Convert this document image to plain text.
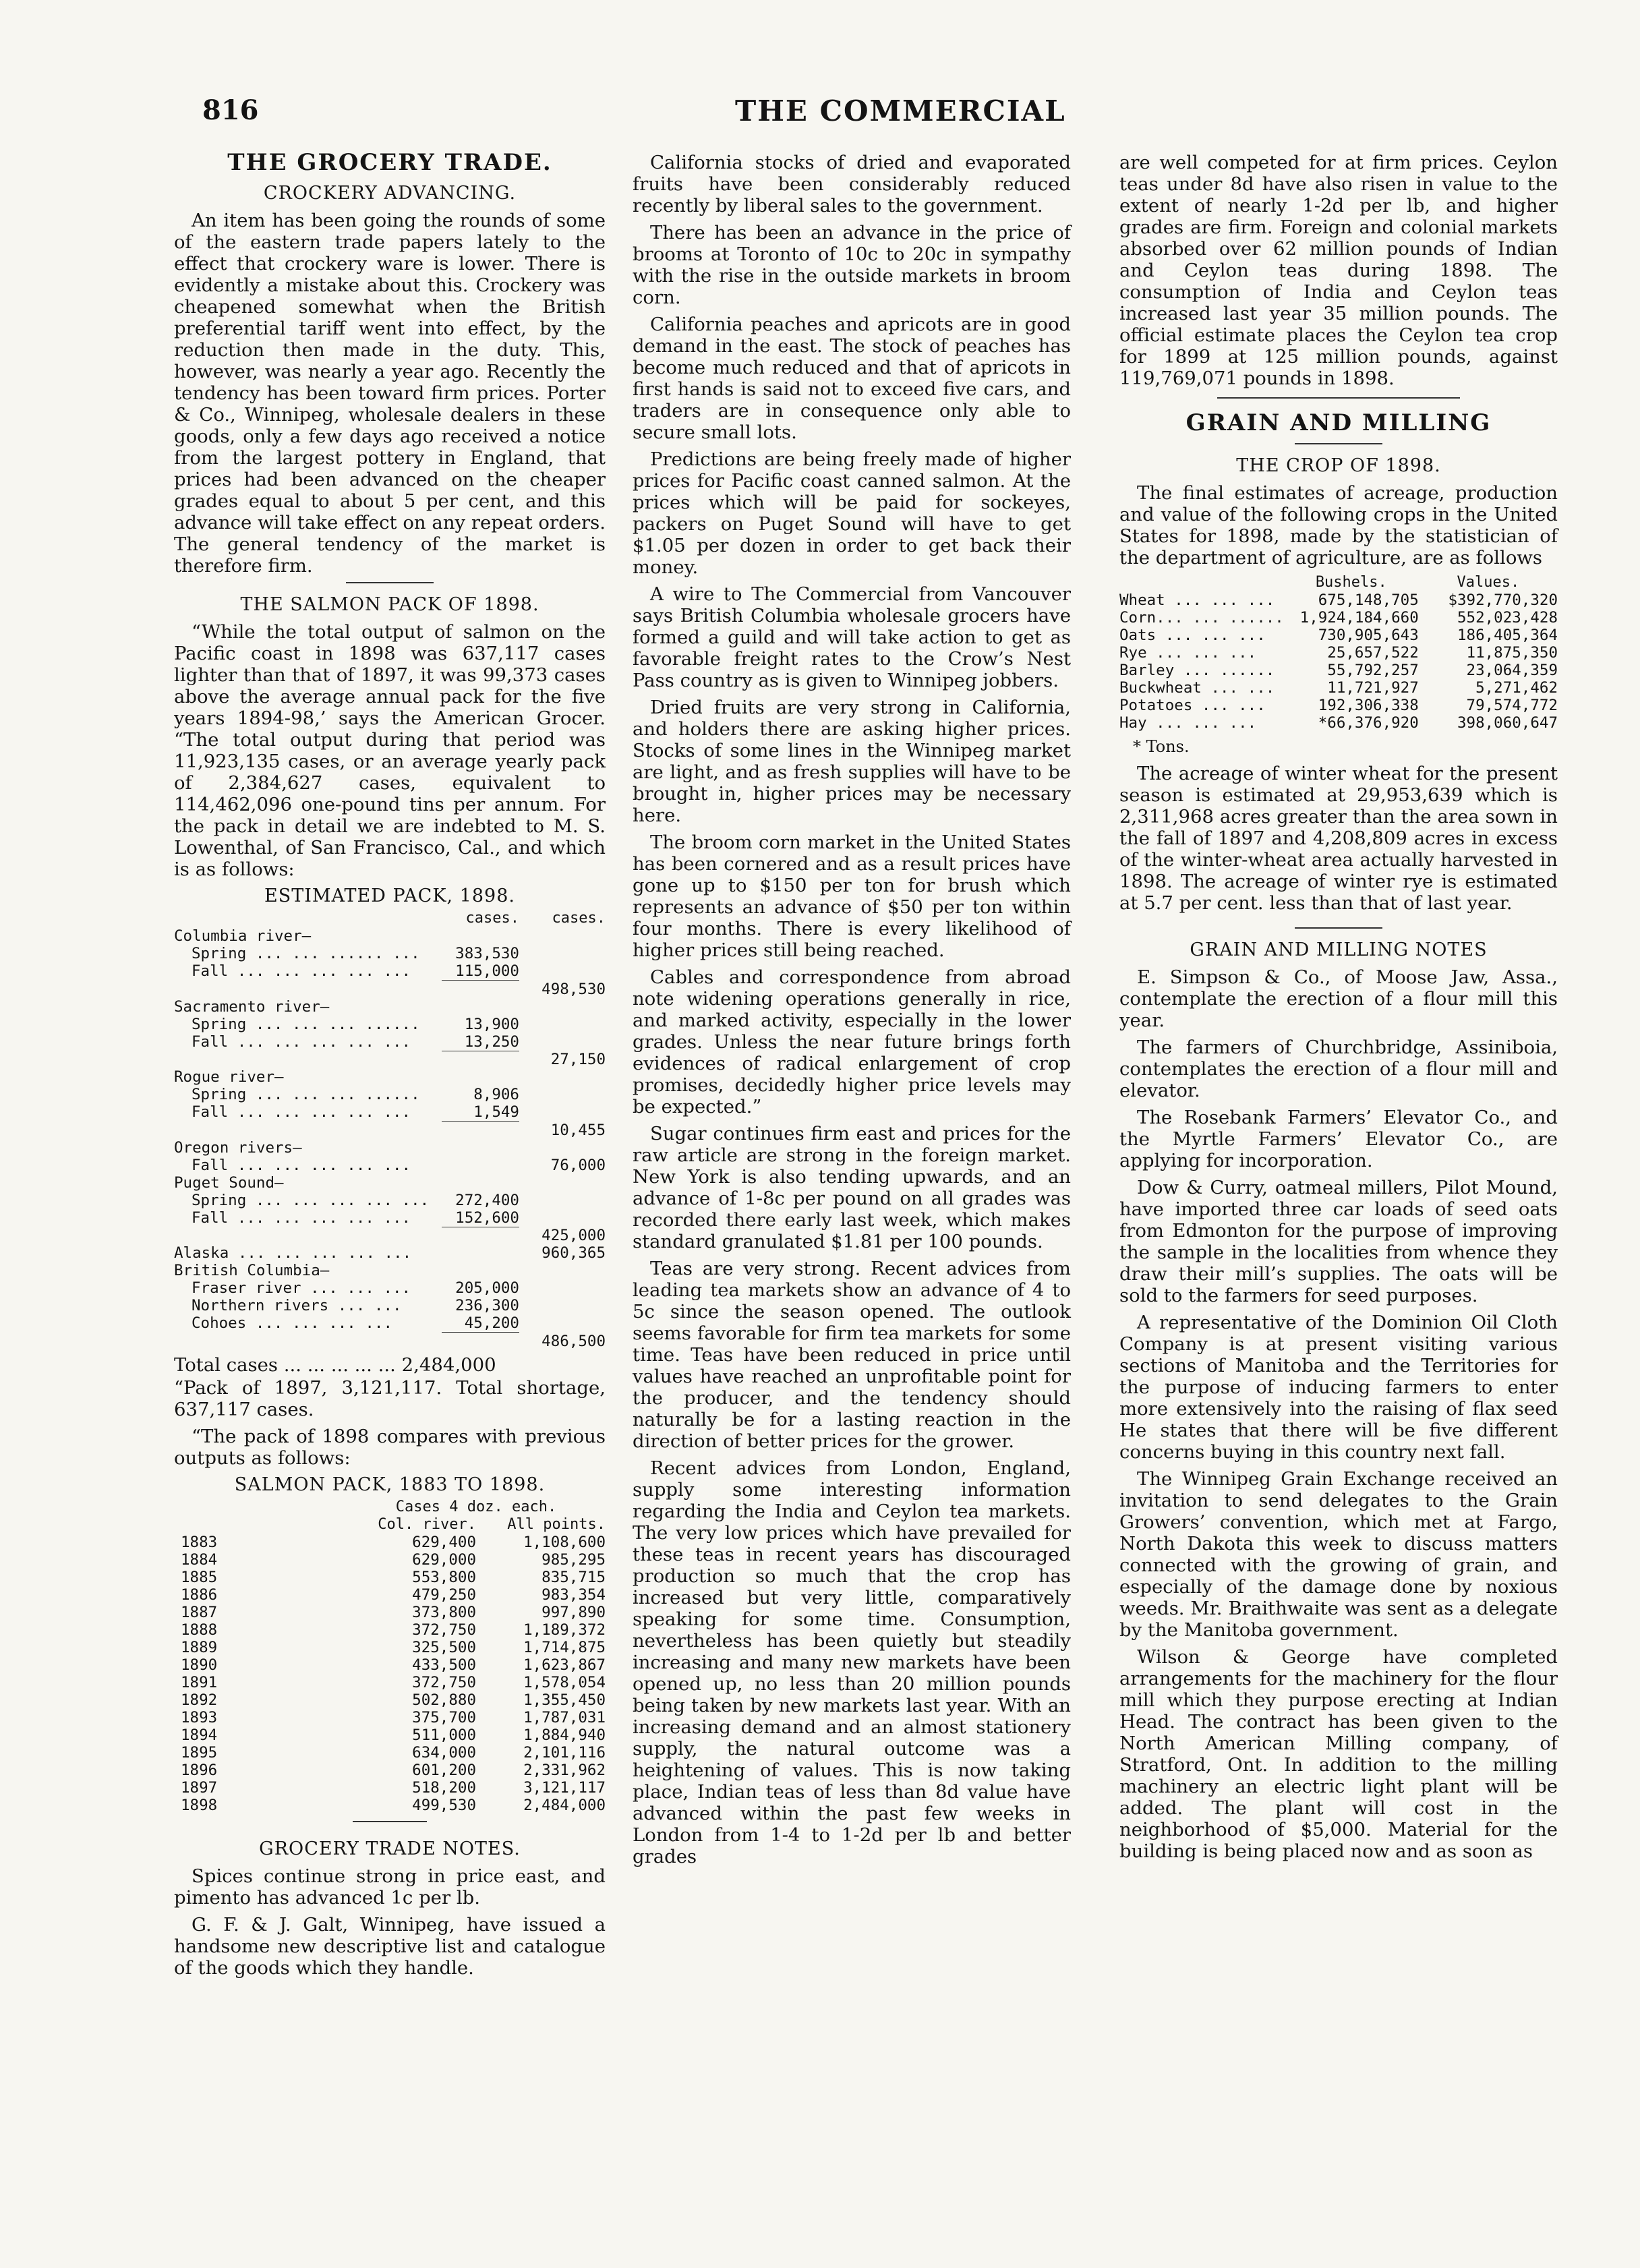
816	THE COMMERCIAL
THE GROCERY TRADE.
CROCKERY ADVANCING.

An item has been going the rounds of some of the eastern trade papers lately to the effect that crockery ware is lower. There is evidently a mistake about this. Crockery was cheapened somewhat when the British preferential tariff went into effect, by the reduction then made in the duty. This, however, was nearly a year ago. Recently the tendency has been toward firm prices. Porter & Co., Winnipeg, wholesale dealers in these goods, only a few days ago received a notice from the largest pottery in England, that prices had been advanced on the cheaper grades equal to about 5 per cent, and this advance will take effect on any repeat orders. The general tendency of the market is therefore firm.

THE SALMON PACK OF 1898.

“While the total output of salmon on the Pacific coast in 1898 was 637,117 cases lighter than that of 1897, it was 99,373 cases above the average annual pack for the five years 1894-98,’ says the American Grocer. “The total output during that period was 11,923,135 cases, or an average yearly pack of 2,384,627 cases, equivalent to 114,462,096 one-pound tins per annum. For the pack in detail we are indebted to M. S. Lowenthal, of San Francisco, Cal., and which is as follows:

ESTIMATED PACK, 1898.
	cases.	cases.
Columbia river—		
Spring ... ... ...... ...	383,530	
Fall ... ... ... ... ...	115,000	
		498,530
Sacramento river—		
Spring ... ... ... ......	13,900	
Fall ... ... ... ... ...	13,250	
		27,150
Rogue river—		
Spring ... ... ... ......	8,906	
Fall ... ... ... ... ...	1,549	
		10,455
Oregon rivers—		
Fall ... ... ... ... ...		76,000
Puget Sound—		
Spring ... ... ... ... ...	272,400	
Fall ... ... ... ... ...	152,600	
		425,000
Alaska ... ... ... ... ...		960,365
British Columbia—		
Fraser river ... ... ...	205,000	
Northern rivers ... ...	236,300	
Cohoes ... ... ... ...	45,200	
		486,500

Total cases ... ... ... ... ... 2,484,000

“Pack of 1897, 3,121,117. Total shortage, 637,117 cases.

“The pack of 1898 compares with previous outputs as follows:

SALMON PACK, 1883 TO 1898.
	Cases 4 doz. each.	
	Col. river.	All points.
1883	629,400	1,108,600
1884	629,000	985,295
1885	553,800	835,715
1886	479,250	983,354
1887	373,800	997,890
1888	372,750	1,189,372
1889	325,500	1,714,875
1890	433,500	1,623,867
1891	372,750	1,578,054
1892	502,880	1,355,450
1893	375,700	1,787,031
1894	511,000	1,884,940
1895	634,000	2,101,116
1896	601,200	2,331,962
1897	518,200	3,121,117
1898	499,530	2,484,000
GROCERY TRADE NOTES.

Spices continue strong in price east, and pimento has advanced 1c per lb.

G. F. & J. Galt, Winnipeg, have issued a handsome new descriptive list and catalogue of the goods which they handle.

California stocks of dried and evaporated fruits have been considerably reduced recently by liberal sales to the government.

There has been an advance in the price of brooms at Toronto of 10c to 20c in sympathy with the rise in the outside markets in broom corn.

California peaches and apricots are in good demand in the east. The stock of peaches has become much reduced and that of apricots in first hands is said not to exceed five cars, and traders are in consequence only able to secure small lots.

Predictions are being freely made of higher prices for Pacific coast canned salmon. At the prices which will be paid for sockeyes, packers on Puget Sound will have to get $1.05 per dozen in order to get back their money.

A wire to The Commercial from Vancouver says British Columbia wholesale grocers have formed a guild and will take action to get as favorable freight rates to the Crow’s Nest Pass country as is given to Winnipeg jobbers.

Dried fruits are very strong in California, and holders there are asking higher prices. Stocks of some lines in the Winnipeg market are light, and as fresh supplies will have to be brought in, higher prices may be necessary here.

The broom corn market in the United States has been cornered and as a result prices have gone up to $150 per ton for brush which represents an advance of $50 per ton within four months. There is every likelihood of higher prices still being reached.

Cables and correspondence from abroad note widening operations generally in rice, and marked activity, especially in the lower grades. Unless the near future brings forth evidences of radical enlargement of crop promises, decidedly higher price levels may be expected.”

Sugar continues firm east and prices for the raw article are strong in the foreign market. New York is also tending upwards, and an advance of 1-8c per pound on all grades was recorded there early last week, which makes standard granulated $1.81 per 100 pounds.

Teas are very strong. Recent advices from leading tea markets show an advance of 4 to 5c since the season opened. The outlook seems favorable for firm tea markets for some time. Teas have been reduced in price until values have reached an unprofitable point for the producer, and the tendency should naturally be for a lasting reaction in the direction of better prices for the grower.

Recent advices from London, England, supply some interesting information regarding the India and Ceylon tea markets. The very low prices which have prevailed for these teas in recent years has discouraged production so much that the crop has increased but very little, comparatively speaking for some time. Consumption, nevertheless has been quietly but steadily increasing and many new markets have been opened up, no less than 20 million pounds being taken by new markets last year. With an increasing demand and an almost stationery supply, the natural outcome was a heightening of values. This is now taking place, Indian teas of less than 8d value have advanced within the past few weeks in London from 1-4 to 1-2d per lb and better grades

are well competed for at firm prices. Ceylon teas under 8d have also risen in value to the extent of nearly 1-2d per lb, and higher grades are firm. Foreign and colonial markets absorbed over 62 million pounds of Indian and Ceylon teas during 1898. The consumption of India and Ceylon teas increased last year 35 million pounds. The official estimate places the Ceylon tea crop for 1899 at 125 million pounds, against 119,769,071 pounds in 1898.

GRAIN AND MILLING
THE CROP OF 1898.

The final estimates of acreage, production and value of the following crops in the United States for 1898, made by the statistician of the department of agriculture, are as follows

	Bushels.	Values.
Wheat ... ... ...	675,148,705	$392,770,320
Corn... ... ......	1,924,184,660	552,023,428
Oats ... ... ...	730,905,643	186,405,364
Rye ... ... ...	25,657,522	11,875,350
Barley ... ......	55,792,257	23,064,359
Buckwheat ... ...	11,721,927	5,271,462
Potatoes ... ...	192,306,338	79,574,772
Hay ... ... ...	*66,376,920	398,060,647

* Tons.

The acreage of winter wheat for the present season is estimated at 29,953,639 which is 2,311,968 acres greater than the area sown in the fall of 1897 and 4,208,809 acres in excess of the winter-wheat area actually harvested in 1898. The acreage of winter rye is estimated at 5.7 per cent. less than that of last year.

GRAIN AND MILLING NOTES

E. Simpson & Co., of Moose Jaw, Assa., contemplate the erection of a flour mill this year.

The farmers of Churchbridge, Assiniboia, contemplates the erection of a flour mill and elevator.

The Rosebank Farmers’ Elevator Co., and the Myrtle Farmers’ Elevator Co., are applying for incorporation.

Dow & Curry, oatmeal millers, Pilot Mound, have imported three car loads of seed oats from Edmonton for the purpose of improving the sample in the localities from whence they draw their mill’s supplies. The oats will be sold to the farmers for seed purposes.

A representative of the Dominion Oil Cloth Company is at present visiting various sections of Manitoba and the Territories for the purpose of inducing farmers to enter more extensively into the raising of flax seed He states that there will be five different concerns buying in this country next fall.

The Winnipeg Grain Exchange received an invitation to send delegates to the Grain Growers’ convention, which met at Fargo, North Dakota this week to discuss matters connected with the growing of grain, and especially of the damage done by noxious weeds. Mr. Braithwaite was sent as a delegate by the Manitoba government.

Wilson & George have completed arrangements for the machinery for the flour mill which they purpose erecting at Indian Head. The contract has been given to the North American Milling company, of Stratford, Ont. In addition to the milling machinery an electric light plant will be added. The plant will cost in the neighborhood of $5,000. Material for the building is being placed now and as soon as
